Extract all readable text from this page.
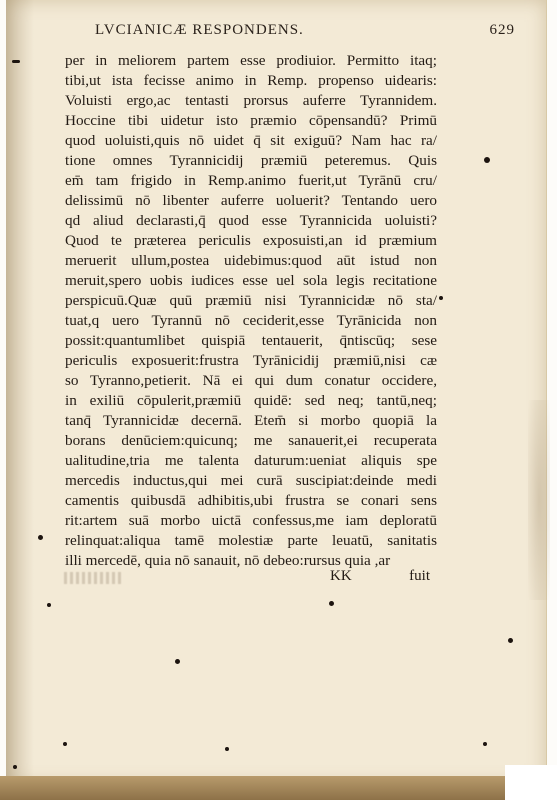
LVCIANICÆ RESPONDENS.	629
per in meliorem partem esse prodiuior. Permitto itaq;
tibi,ut ista fecisse animo in Remp. propenso uidearis:
Voluisti ergo,ac tentasti prorsus auferre Tyrannidem.
Hoccine tibi uidetur isto præmio cōpensandū? Primū
quod uoluisti,quis nō uidet q̄ sit exiguū? Nam hac ra/
tione omnes Tyrannicidij præmiū peteremus. Quis
em̄ tam frigido in Remp.animo fuerit,ut Tyrānū cru/
delissimū nō libenter auferre uoluerit? Tentando uero
qd aliud declarasti,q̄ quod esse Tyrannicida uoluisti?
Quod te præterea periculis exposuisti,an id præmium
meruerit ullum,postea uidebimus:quod aūt istud non
meruit,spero uobis iudices esse uel sola legis recitatione
perspicuū.Quæ quū præmiū nisi Tyrannicidæ nō sta/
tuat,q uero Tyrannū nō ceciderit,esse Tyrānicida non
possit:quantumlibet quispiā tentauerit, q̄ntiscūq; sese
periculis exposuerit:frustra Tyrānicidij præmiū,nisi cæ
so Tyranno,petierit. Nā ei qui dum conatur occidere,
in exiliū cōpulerit,præmiū quidē: sed neq; tantū,neq;
tanq̄ Tyrannicidæ decernā. Etem̄ si morbo quopiā la
borans denūciem:quicunq; me sanauerit,ei recuperata
ualitudine,tria me talenta daturum:ueniat aliquis spe
mercedis inductus,qui mei curā suscipiat:deinde medi
camentis quibusdā adhibitis,ubi frustra se conari sens
rit:artem suā morbo uictā confessus,me iam deploratū
relinquat:aliqua tamē molestiæ parte leuatū, sanitatis
illi mercedē, quia nō sanauit, nō debeo:rursus quia ,ar
KK	fuit
